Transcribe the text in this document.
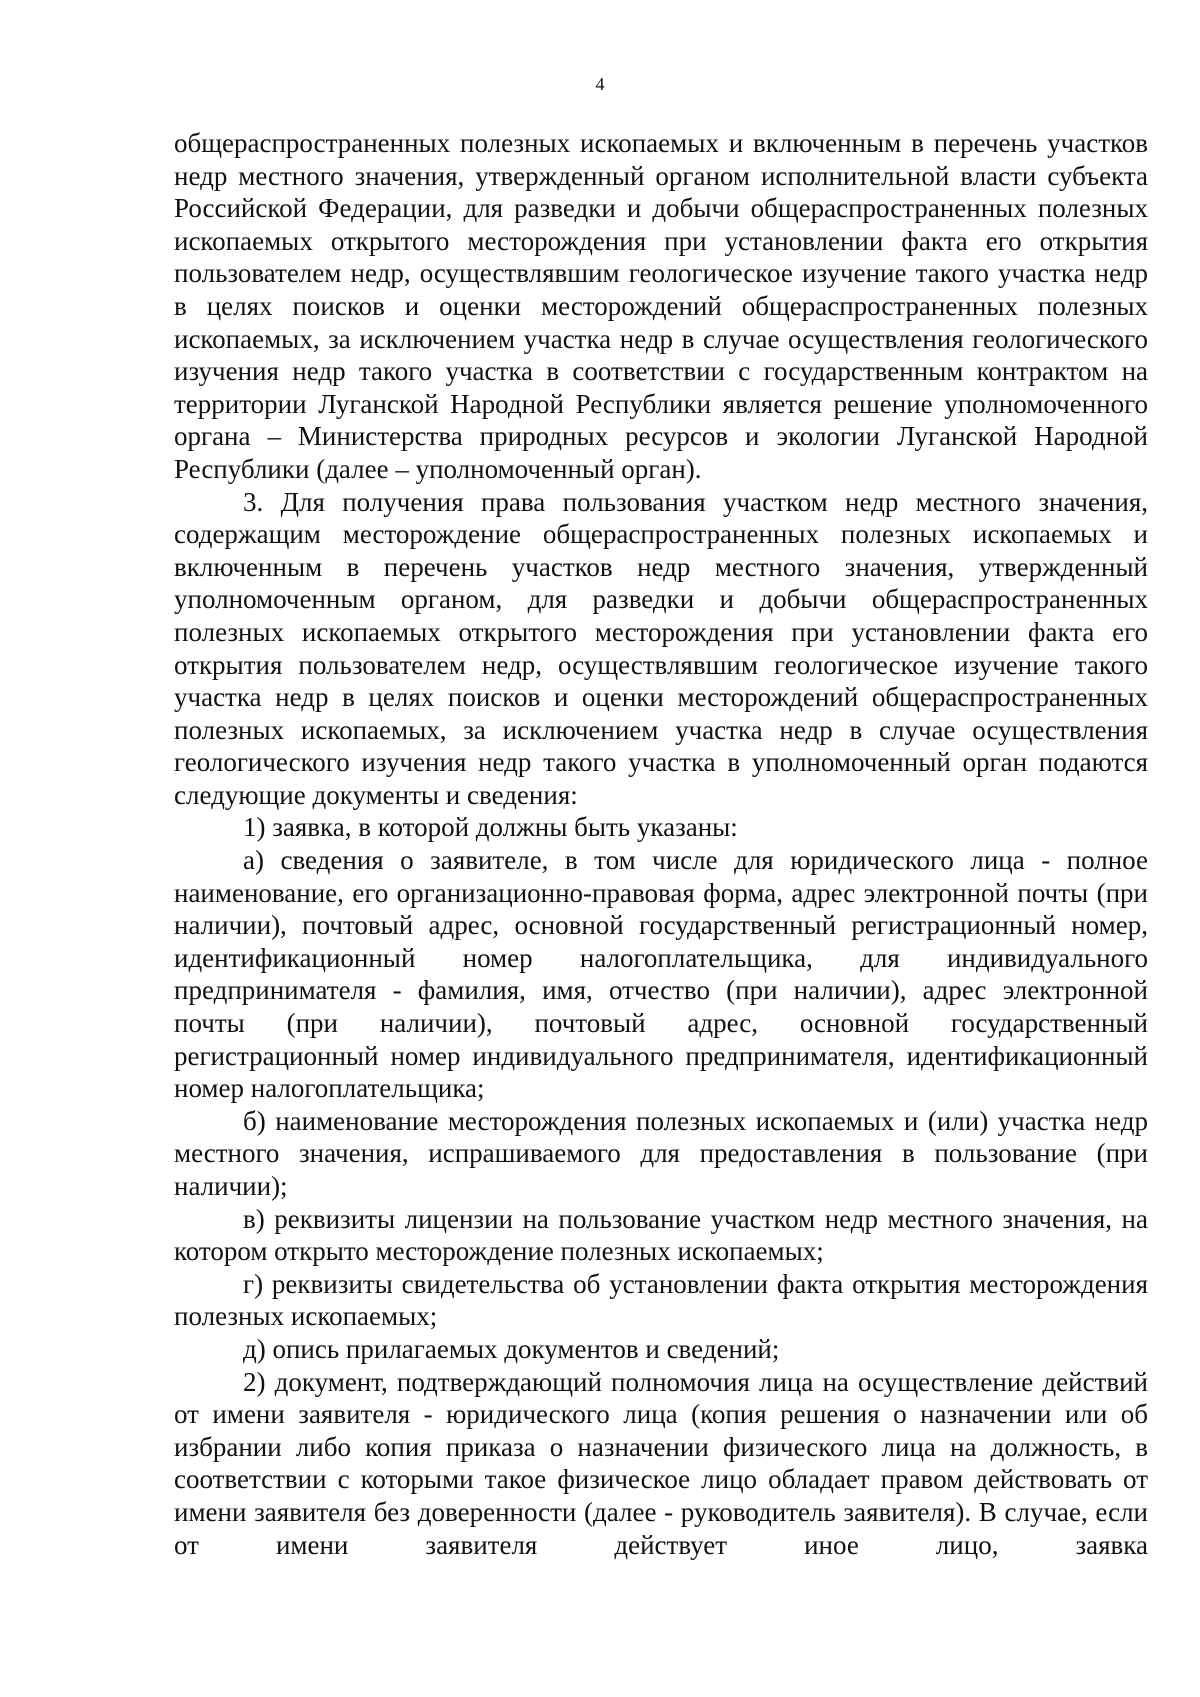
4

общераспространенных полезных ископаемых и включенным в перечень участков недр местного значения, утвержденный органом исполнительной власти субъекта Российской Федерации, для разведки и добычи общераспространенных полезных ископаемых открытого месторождения при установлении факта его открытия пользователем недр, осуществлявшим геологическое изучение такого участка недр в целях поисков и оценки месторождений общераспространенных полезных ископаемых, за исключением участка недр в случае осуществления геологического изучения недр такого участка в соответствии с государственным контрактом на территории Луганской Народной Республики является решение уполномоченного органа – Министерства природных ресурсов и экологии Луганской Народной Республики (далее – уполномоченный орган).

3. Для получения права пользования участком недр местного значения, содержащим месторождение общераспространенных полезных ископаемых и включенным в перечень участков недр местного значения, утвержденный уполномоченным органом, для разведки и добычи общераспространенных полезных ископаемых открытого месторождения при установлении факта его открытия пользователем недр, осуществлявшим геологическое изучение такого участка недр в целях поисков и оценки месторождений общераспространенных полезных ископаемых, за исключением участка недр в случае осуществления геологического изучения недр такого участка в уполномоченный орган подаются следующие документы и сведения:

1) заявка, в которой должны быть указаны:

а) сведения о заявителе, в том числе для юридического лица - полное наименование, его организационно-правовая форма, адрес электронной почты (при наличии), почтовый адрес, основной государственный регистрационный номер, идентификационный номер налогоплательщика, для индивидуального предпринимателя - фамилия, имя, отчество (при наличии), адрес электронной почты (при наличии), почтовый адрес, основной государственный регистрационный номер индивидуального предпринимателя, идентификационный номер налогоплательщика;

б) наименование месторождения полезных ископаемых и (или) участка недр местного значения, испрашиваемого для предоставления в пользование (при наличии);

в) реквизиты лицензии на пользование участком недр местного значения, на котором открыто месторождение полезных ископаемых;

г) реквизиты свидетельства об установлении факта открытия месторождения полезных ископаемых;

д) опись прилагаемых документов и сведений;

2) документ, подтверждающий полномочия лица на осуществление действий от имени заявителя - юридического лица (копия решения о назначении или об избрании либо копия приказа о назначении физического лица на должность, в соответствии с которыми такое физическое лицо обладает правом действовать от имени заявителя без доверенности (далее - руководитель заявителя). В случае, если от имени заявителя действует иное лицо, заявка
